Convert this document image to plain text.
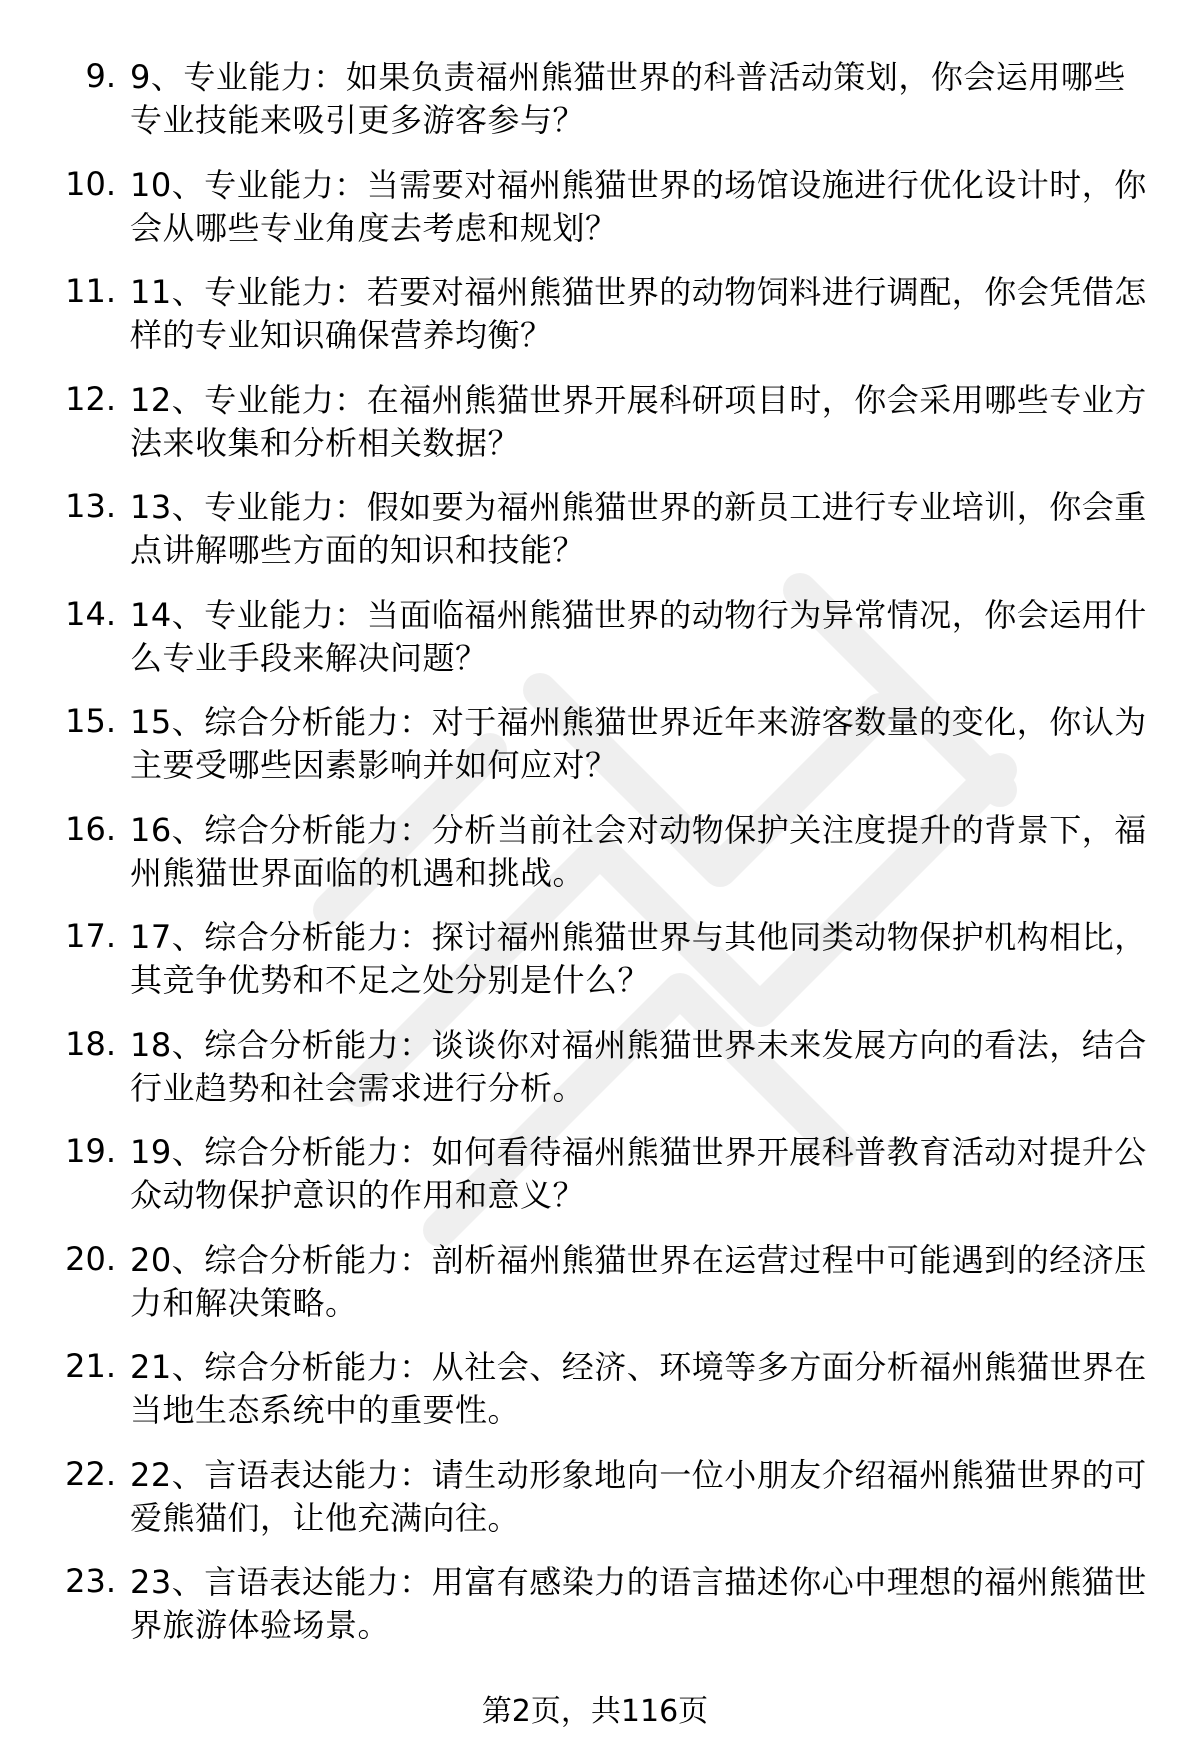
9. 9、专业能力：如果负责福州熊猫世界的科普活动策划，你会运用哪些专业技能来吸引更多游客参与？
10. 10、专业能力：当需要对福州熊猫世界的场馆设施进行优化设计时，你会从哪些专业角度去考虑和规划？
11. 11、专业能力：若要对福州熊猫世界的动物饲料进行调配，你会凭借怎样的专业知识确保营养均衡？
12. 12、专业能力：在福州熊猫世界开展科研项目时，你会采用哪些专业方法来收集和分析相关数据？
13. 13、专业能力：假如要为福州熊猫世界的新员工进行专业培训，你会重点讲解哪些方面的知识和技能？
14. 14、专业能力：当面临福州熊猫世界的动物行为异常情况，你会运用什么专业手段来解决问题？
15. 15、综合分析能力：对于福州熊猫世界近年来游客数量的变化，你认为主要受哪些因素影响并如何应对？
16. 16、综合分析能力：分析当前社会对动物保护关注度提升的背景下，福州熊猫世界面临的机遇和挑战。
17. 17、综合分析能力：探讨福州熊猫世界与其他同类动物保护机构相比，其竞争优势和不足之处分别是什么？
18. 18、综合分析能力：谈谈你对福州熊猫世界未来发展方向的看法，结合行业趋势和社会需求进行分析。
19. 19、综合分析能力：如何看待福州熊猫世界开展科普教育活动对提升公众动物保护意识的作用和意义？
20. 20、综合分析能力：剖析福州熊猫世界在运营过程中可能遇到的经济压力和解决策略。
21. 21、综合分析能力：从社会、经济、环境等多方面分析福州熊猫世界在当地生态系统中的重要性。
22. 22、言语表达能力：请生动形象地向一位小朋友介绍福州熊猫世界的可爱熊猫们，让他充满向往。
23. 23、言语表达能力：用富有感染力的语言描述你心中理想的福州熊猫世界旅游体验场景。
第2页，共116页
